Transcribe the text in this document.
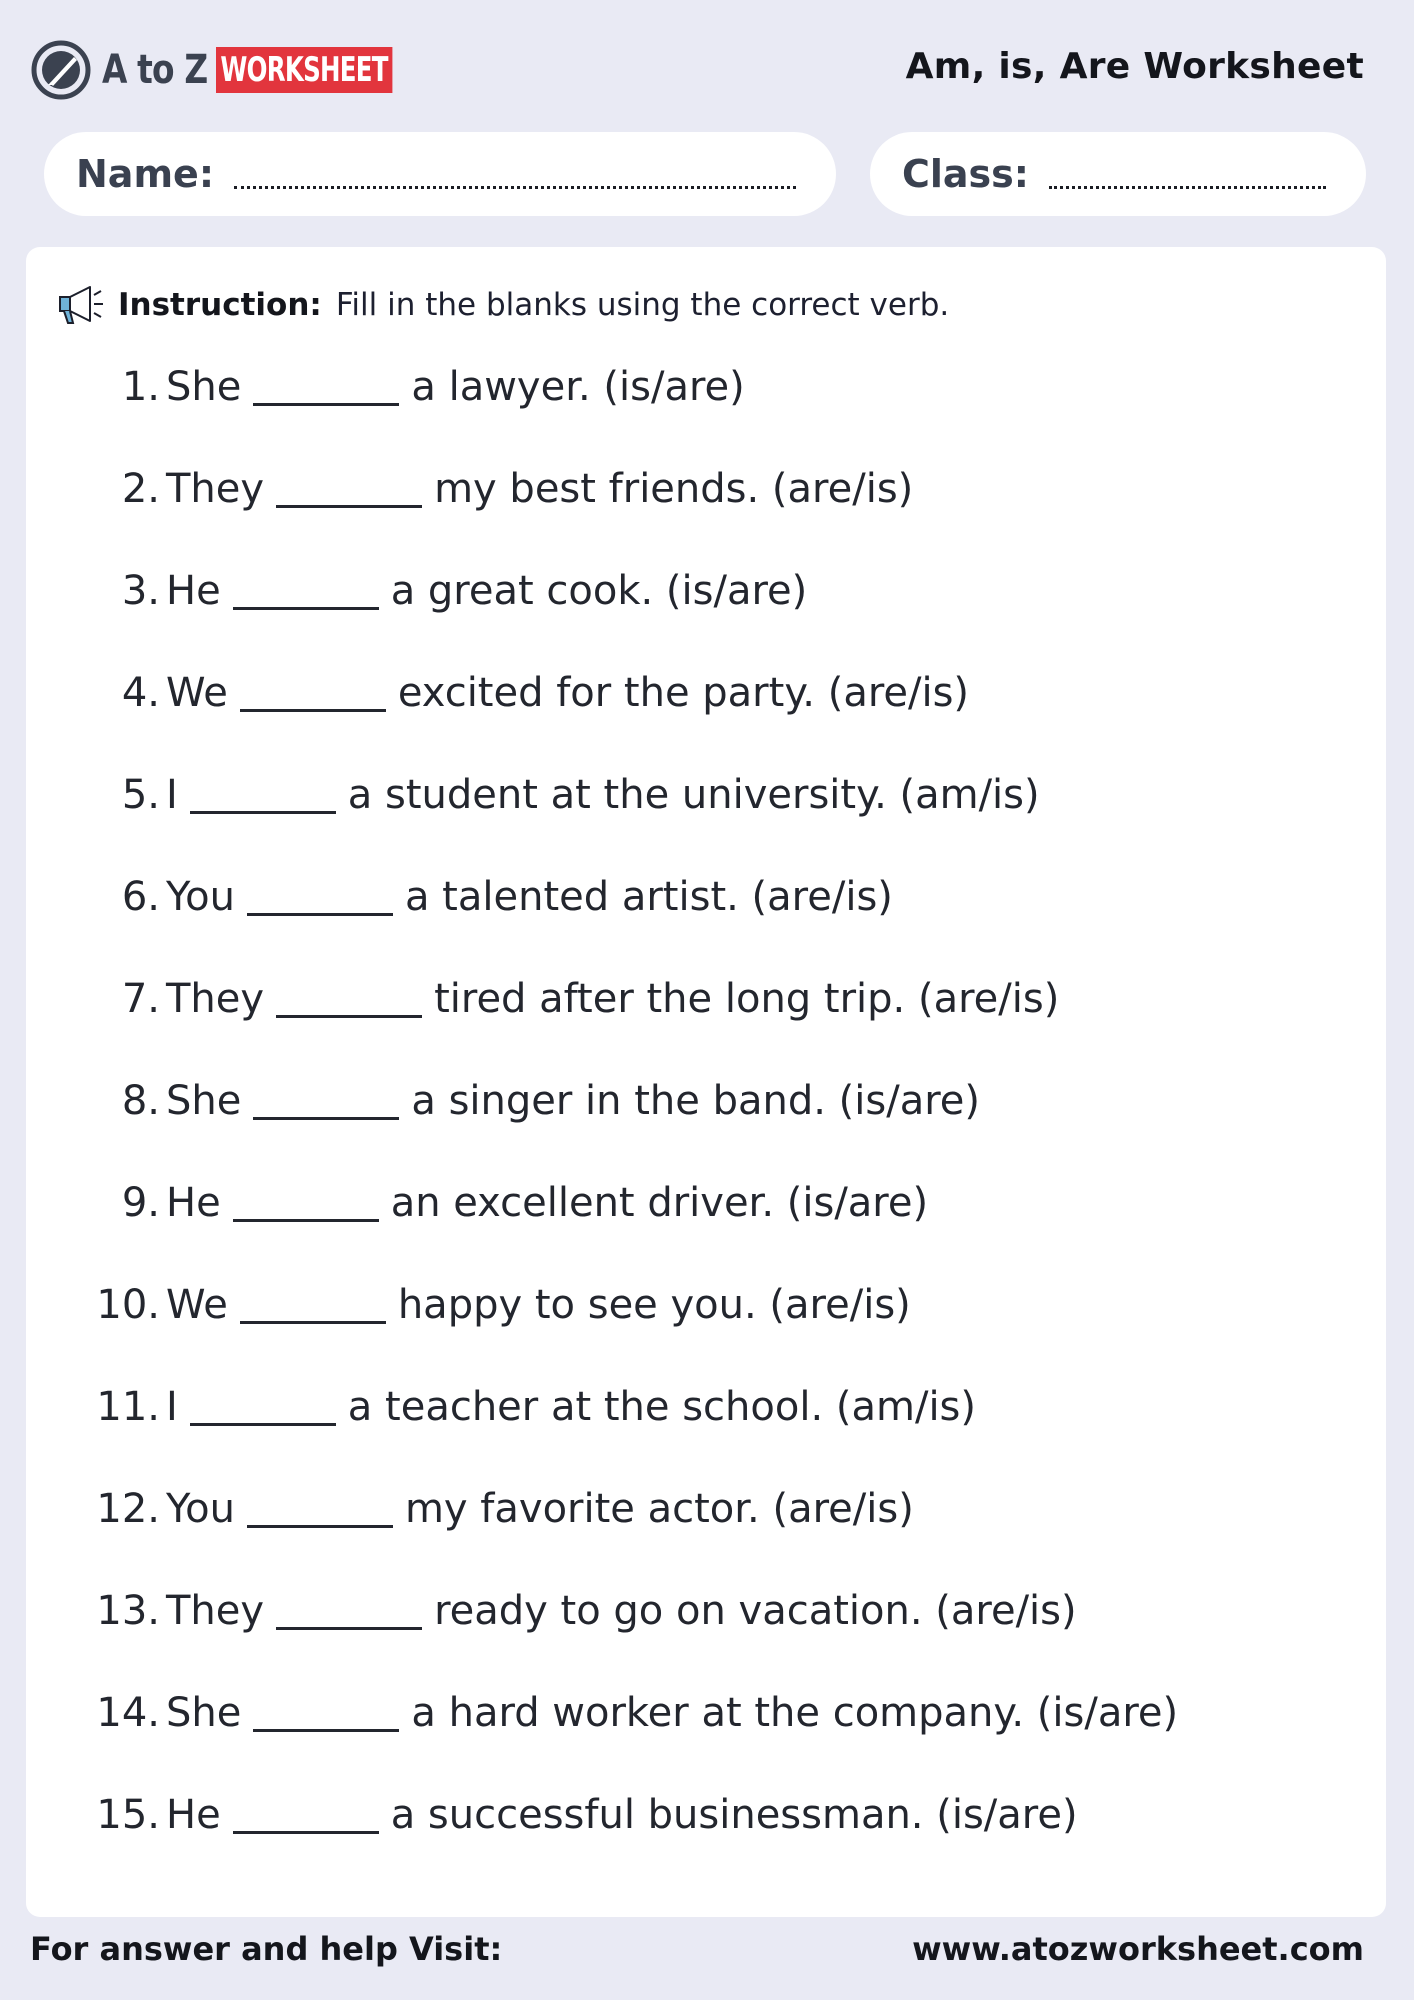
A to Z WORKSHEET	Am, is, Are Worksheet
Name:	Class:
Instruction: Fill in the blanks using the correct verb.
1. She	a lawyer. (is/are)
2. They	my best friends. (are/is)
3. He	a great cook. (is/are)
4. We	excited for the party. (are/is)
5. I	a student at the university. (am/is)
6. You	a talented artist. (are/is)
7. They	tired after the long trip. (are/is)
8. She	a singer in the band. (is/are)
9. He	an excellent driver. (is/are)
10. We	happy to see you. (are/is)
11. I	a teacher at the school. (am/is)
12. You	my favorite actor. (are/is)
13. They	ready to go on vacation. (are/is)
14. She	a hard worker at the company. (is/are)
15. He	a successful businessman. (is/are)
For answer and help Visit:	www.atozworksheet.com
